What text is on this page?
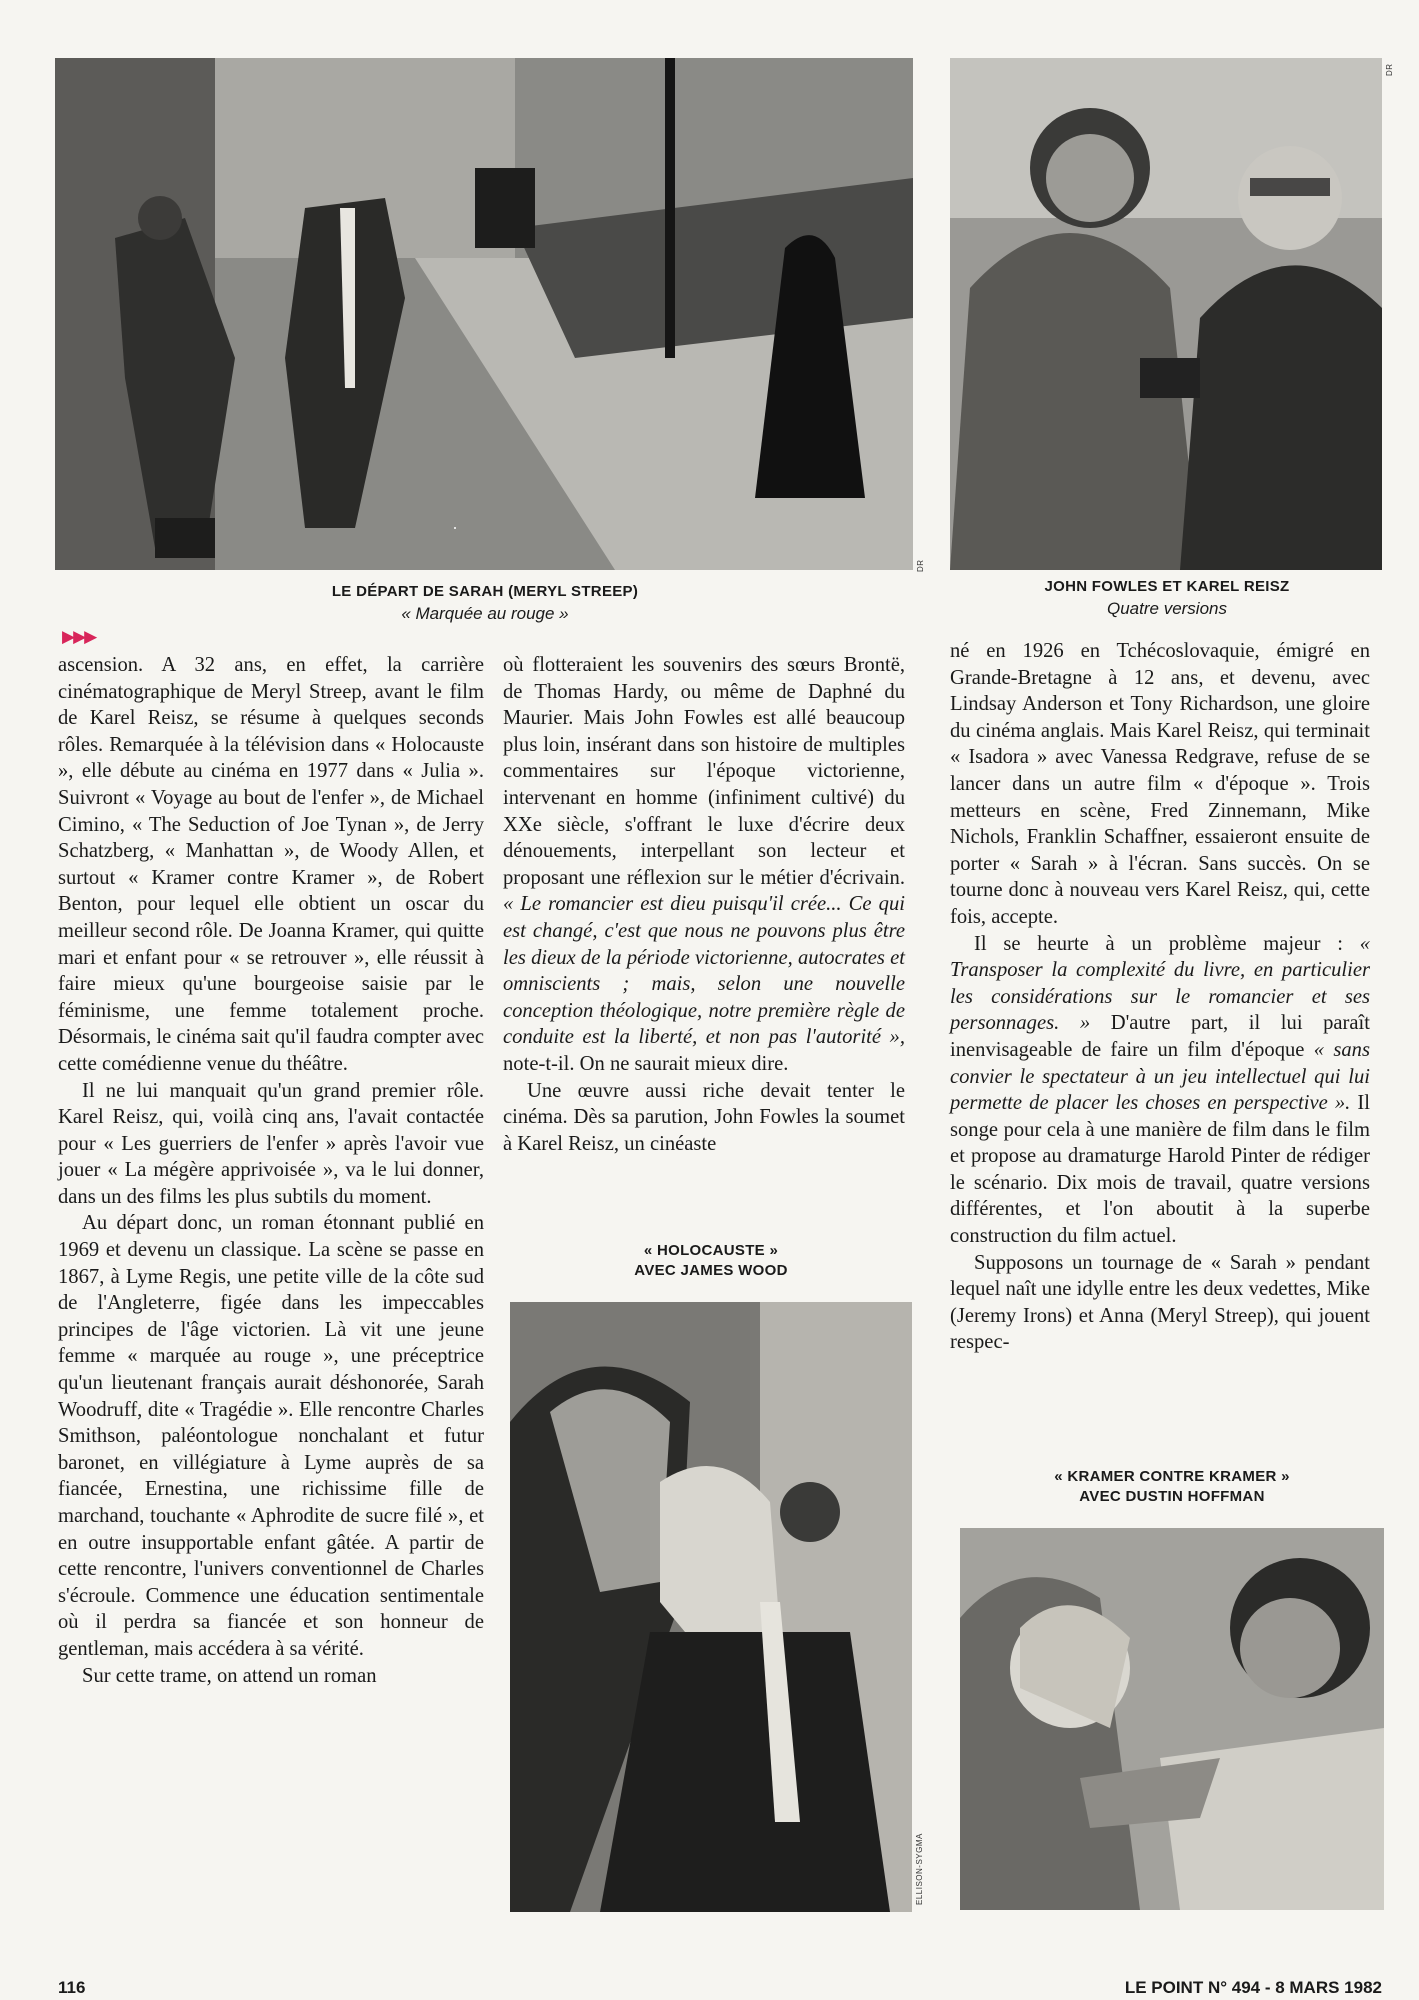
DR
DR
ELLISON-SYGMA
LE DÉPART DE SARAH (MERYL STREEP)
« Marquée au rouge »
JOHN FOWLES ET KAREL REISZ
Quatre versions
« HOLOCAUSTE »
AVEC JAMES WOOD
« KRAMER CONTRE KRAMER »
AVEC DUSTIN HOFFMAN
▶▶▶

ascension. A 32 ans, en effet, la carrière cinématographique de Meryl Streep, avant le film de Karel Reisz, se résume à quelques seconds rôles. Remarquée à la télévision dans « Holocauste », elle débute au cinéma en 1977 dans « Julia ». Suivront « Voyage au bout de l'enfer », de Michael Cimino, « The Seduction of Joe Tynan », de Jerry Schatzberg, « Manhattan », de Woody Allen, et surtout « Kramer contre Kramer », de Robert Benton, pour lequel elle obtient un oscar du meilleur second rôle. De Joanna Kramer, qui quitte mari et enfant pour « se retrouver », elle réussit à faire mieux qu'une bourgeoise saisie par le féminisme, une femme totalement proche. Désormais, le cinéma sait qu'il faudra compter avec cette comédienne venue du théâtre.

Il ne lui manquait qu'un grand premier rôle. Karel Reisz, qui, voilà cinq ans, l'avait contactée pour « Les guerriers de l'enfer » après l'avoir vue jouer « La mégère apprivoisée », va le lui donner, dans un des films les plus subtils du moment.

Au départ donc, un roman étonnant publié en 1969 et devenu un classique. La scène se passe en 1867, à Lyme Regis, une petite ville de la côte sud de l'Angleterre, figée dans les impeccables principes de l'âge victorien. Là vit une jeune femme « marquée au rouge », une préceptrice qu'un lieutenant français aurait déshonorée, Sarah Woodruff, dite « Tragédie ». Elle rencontre Charles Smithson, paléontologue nonchalant et futur baronet, en villégiature à Lyme auprès de sa fiancée, Ernestina, une richissime fille de marchand, touchante « Aphrodite de sucre filé », et en outre insupportable enfant gâtée. A partir de cette rencontre, l'univers conventionnel de Charles s'écroule. Commence une éducation sentimentale où il perdra sa fiancée et son honneur de gentleman, mais accédera à sa vérité.

Sur cette trame, on attend un roman

où flotteraient les souvenirs des sœurs Brontë, de Thomas Hardy, ou même de Daphné du Maurier. Mais John Fowles est allé beaucoup plus loin, insérant dans son histoire de multiples commentaires sur l'époque victorienne, intervenant en homme (infiniment cultivé) du XXe siècle, s'offrant le luxe d'écrire deux dénouements, interpellant son lecteur et proposant une réflexion sur le métier d'écrivain. « Le romancier est dieu puisqu'il crée... Ce qui est changé, c'est que nous ne pouvons plus être les dieux de la période victorienne, autocrates et omniscients ; mais, selon une nouvelle conception théologique, notre première règle de conduite est la liberté, et non pas l'autorité », note-t-il. On ne saurait mieux dire.

Une œuvre aussi riche devait tenter le cinéma. Dès sa parution, John Fowles la soumet à Karel Reisz, un cinéaste

né en 1926 en Tchécoslovaquie, émigré en Grande-Bretagne à 12 ans, et devenu, avec Lindsay Anderson et Tony Richardson, une gloire du cinéma anglais. Mais Karel Reisz, qui terminait « Isadora » avec Vanessa Redgrave, refuse de se lancer dans un autre film « d'époque ». Trois metteurs en scène, Fred Zinnemann, Mike Nichols, Franklin Schaffner, essaieront ensuite de porter « Sarah » à l'écran. Sans succès. On se tourne donc à nouveau vers Karel Reisz, qui, cette fois, accepte.

Il se heurte à un problème majeur : « Transposer la complexité du livre, en particulier les considérations sur le romancier et ses personnages. » D'autre part, il lui paraît inenvisageable de faire un film d'époque « sans convier le spectateur à un jeu intellectuel qui lui permette de placer les choses en perspective ». Il songe pour cela à une manière de film dans le film et propose au dramaturge Harold Pinter de rédiger le scénario. Dix mois de travail, quatre versions différentes, et l'on aboutit à la superbe construction du film actuel.

Supposons un tournage de « Sarah » pendant lequel naît une idylle entre les deux vedettes, Mike (Jeremy Irons) et Anna (Meryl Streep), qui jouent respec-

116	LE POINT N° 494 - 8 MARS 1982
